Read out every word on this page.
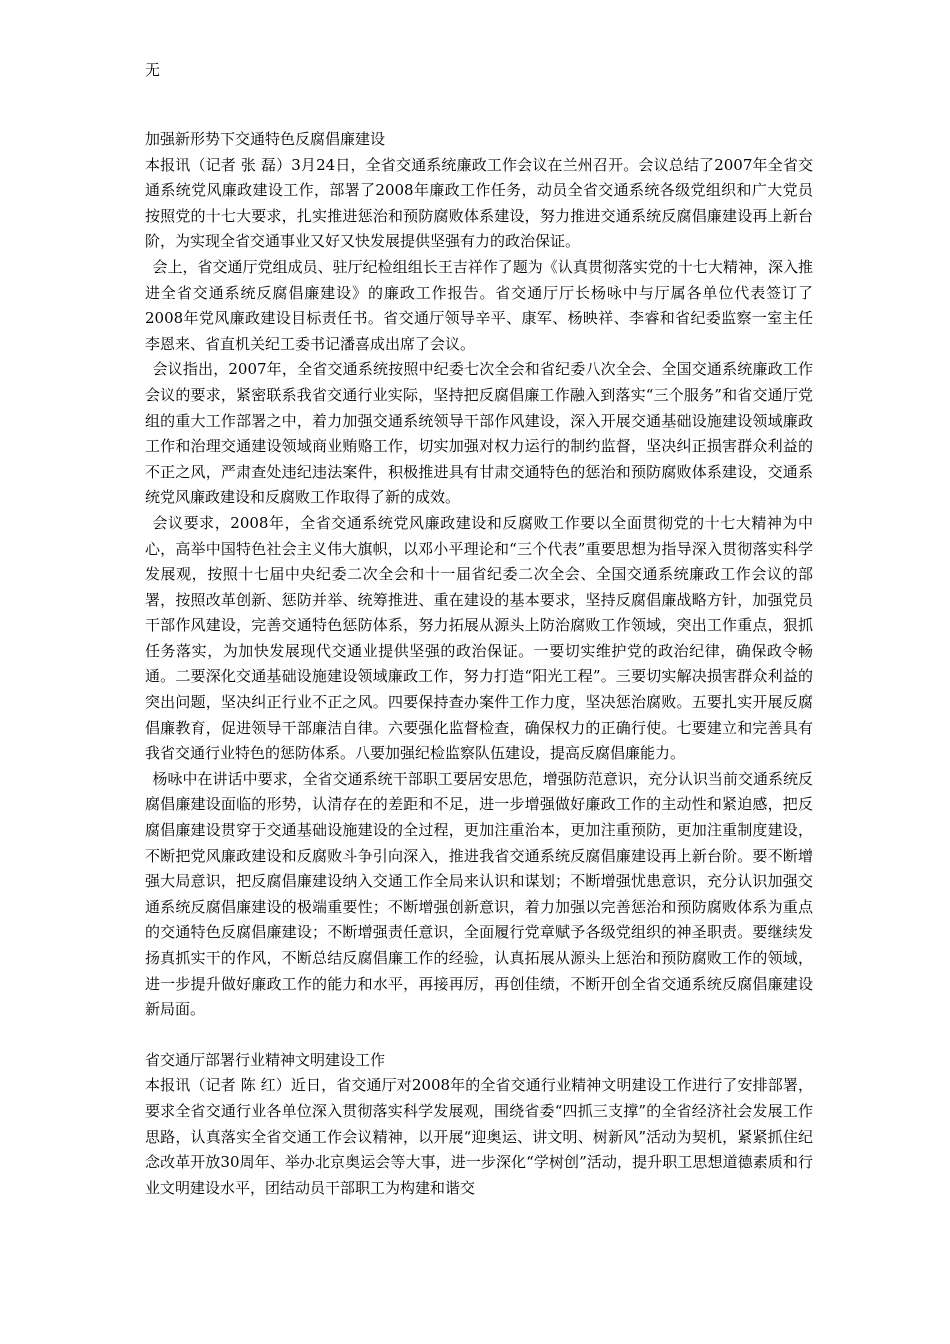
无
加强新形势下交通特色反腐倡廉建设

本报讯（记者 张 磊）3月24日，全省交通系统廉政工作会议在兰州召开。会议总结了2007年全省交通系统党风廉政建设工作，部署了2008年廉政工作任务，动员全省交通系统各级党组织和广大党员按照党的十七大要求，扎实推进惩治和预防腐败体系建设，努力推进交通系统反腐倡廉建设再上新台阶，为实现全省交通事业又好又快发展提供坚强有力的政治保证。

会上，省交通厅党组成员、驻厅纪检组组长王吉祥作了题为《认真贯彻落实党的十七大精神，深入推进全省交通系统反腐倡廉建设》的廉政工作报告。省交通厅厅长杨咏中与厅属各单位代表签订了2008年党风廉政建设目标责任书。省交通厅领导辛平、康军、杨映祥、李睿和省纪委监察一室主任李恩来、省直机关纪工委书记潘喜成出席了会议。

会议指出，2007年，全省交通系统按照中纪委七次全会和省纪委八次全会、全国交通系统廉政工作会议的要求，紧密联系我省交通行业实际，坚持把反腐倡廉工作融入到落实“三个服务”和省交通厅党组的重大工作部署之中，着力加强交通系统领导干部作风建设，深入开展交通基础设施建设领域廉政工作和治理交通建设领域商业贿赂工作，切实加强对权力运行的制约监督，坚决纠正损害群众利益的不正之风，严肃查处违纪违法案件，积极推进具有甘肃交通特色的惩治和预防腐败体系建设，交通系统党风廉政建设和反腐败工作取得了新的成效。

会议要求，2008年，全省交通系统党风廉政建设和反腐败工作要以全面贯彻党的十七大精神为中心，高举中国特色社会主义伟大旗帜，以邓小平理论和“三个代表”重要思想为指导深入贯彻落实科学发展观，按照十七届中央纪委二次全会和十一届省纪委二次全会、全国交通系统廉政工作会议的部署，按照改革创新、惩防并举、统筹推进、重在建设的基本要求，坚持反腐倡廉战略方针，加强党员干部作风建设，完善交通特色惩防体系，努力拓展从源头上防治腐败工作领域，突出工作重点，狠抓任务落实，为加快发展现代交通业提供坚强的政治保证。一要切实维护党的政治纪律，确保政令畅通。二要深化交通基础设施建设领域廉政工作，努力打造“阳光工程”。三要切实解决损害群众利益的突出问题，坚决纠正行业不正之风。四要保持查办案件工作力度，坚决惩治腐败。五要扎实开展反腐倡廉教育，促进领导干部廉洁自律。六要强化监督检查，确保权力的正确行使。七要建立和完善具有我省交通行业特色的惩防体系。八要加强纪检监察队伍建设，提高反腐倡廉能力。

杨咏中在讲话中要求，全省交通系统干部职工要居安思危，增强防范意识，充分认识当前交通系统反腐倡廉建设面临的形势，认清存在的差距和不足，进一步增强做好廉政工作的主动性和紧迫感，把反腐倡廉建设贯穿于交通基础设施建设的全过程，更加注重治本，更加注重预防，更加注重制度建设，不断把党风廉政建设和反腐败斗争引向深入，推进我省交通系统反腐倡廉建设再上新台阶。要不断增强大局意识，把反腐倡廉建设纳入交通工作全局来认识和谋划；不断增强忧患意识，充分认识加强交通系统反腐倡廉建设的极端重要性；不断增强创新意识，着力加强以完善惩治和预防腐败体系为重点的交通特色反腐倡廉建设；不断增强责任意识，全面履行党章赋予各级党组织的神圣职责。要继续发扬真抓实干的作风，不断总结反腐倡廉工作的经验，认真拓展从源头上惩治和预防腐败工作的领域，进一步提升做好廉政工作的能力和水平，再接再厉，再创佳绩，不断开创全省交通系统反腐倡廉建设新局面。

省交通厅部署行业精神文明建设工作

本报讯（记者 陈 红）近日，省交通厅对2008年的全省交通行业精神文明建设工作进行了安排部署，要求全省交通行业各单位深入贯彻落实科学发展观，围绕省委“四抓三支撑”的全省经济社会发展工作思路，认真落实全省交通工作会议精神，以开展“迎奥运、讲文明、树新风”活动为契机，紧紧抓住纪念改革开放30周年、举办北京奥运会等大事，进一步深化“学树创”活动，提升职工思想道德素质和行业文明建设水平，团结动员干部职工为构建和谐交
